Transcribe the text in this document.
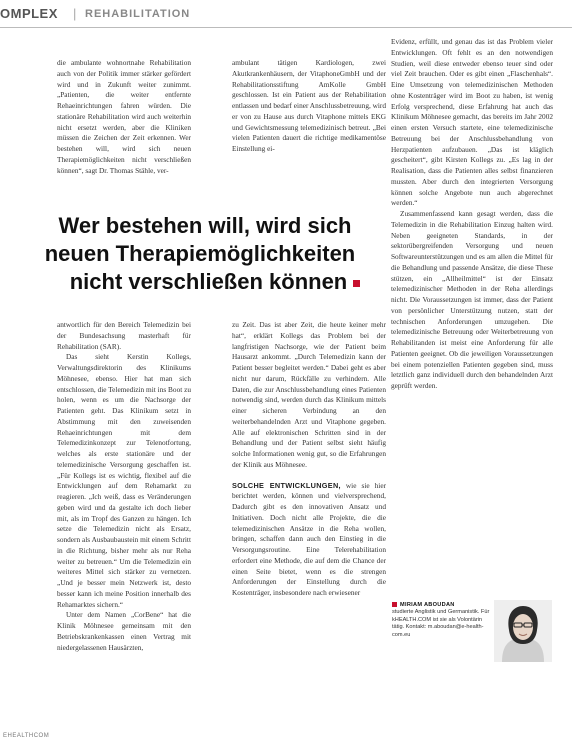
OMPLEX | REHABILITATION

die ambulante wohnortnahe Rehabilitation auch von der Politik immer stärker gefördert wird und in Zukunft weiter zunimmt. „Patienten, die weiter entfernte Rehaeinrichtungen fahren würden. Die stationäre Rehabilitation wird auch weiterhin nicht ersetzt werden, aber die Kliniken müssen die Zeichen der Zeit erkennen. Wer bestehen will, wird sich neuen Therapiemöglichkeiten nicht verschließen können“, sagt Dr. Thomas Stähle, ver-

ambulant tätigen Kardiologen, zwei Akutkrankenhäusern, der VitaphoneGmbH und der Rehabilitationsstiftung AmKolle GmbH geschlossen. Ist ein Patient aus der Rehabilitation entlassen und bedarf einer Anschlussbetreuung, wird er von zu Hause aus durch Vitaphone mittels EKG und Gewichtsmessung telemedizinisch betreut. „Bei vielen Patienten dauert die richtige medikamentöse Einstellung ei-

Wer bestehen will, wird sich
neuen Therapiemöglichkeiten
nicht verschließen können

antwortlich für den Bereich Telemedizin bei der Bundesachsung masterhaft für Rehabilitation (SAR).

Das sieht Kerstin Kollegs, Verwaltungsdirektorin des Klinikums Möhnesee, ebenso. Hier hat man sich entschlossen, die Telemedizin mit ins Boot zu holen, wenn es um die Nachsorge der Patienten geht. Das Klinikum setzt in Abstimmung mit den zuweisenden Rehaeinrichtungen mit dem Telemedizinkonzept zur Telenotfortung, welches als erste stationäre und der telemedizinische Versorgung geschaffen ist. „Für Kollegs ist es wichtig, flexibel auf die Entwicklungen auf dem Rehamarkt zu reagieren. „Ich weiß, dass es Veränderungen geben wird und da gestalte ich doch lieber mit, als im Tropf des Ganzen zu hängen. Ich setze die Telemedizin nicht als Ersatz, sondern als Ausbaubaustein mit einem Schritt in die Richtung, bisher mehr als nur Reha weiter zu betreuen.“ Um die Telemedizin ein weiteres Mittel sich stärker zu vernetzen. „Und je besser mein Netzwerk ist, desto besser kann ich meine Position innerhalb des Rehamarktes sichern.“

Unter dem Namen „CorBene“ hat die Klinik Möhnesee gemeinsam mit den Betriebskrankenkassen einen Vertrag mit niedergelassenen Hausärzten,

zu Zeit. Das ist aber Zeit, die heute keiner mehr hat“, erklärt Kollegs das Problem bei der langfristigen Nachsorge, wie der Patient beim Hausarzt ankommt. „Durch Telemedizin kann der Patient besser begleitet werden.“ Dabei geht es aber nicht nur darum, Rückfälle zu verhindern. Alle Daten, die zur Anschlussbehandlung eines Patienten notwendig sind, werden durch das Klinikum mittels einer sicheren Verbindung an den weiterbehandelnden Arzt und Vitaphone gegeben. Alle auf elektronischen Schritten sind in der Behandlung und der Patient selbst sieht häufig solche Informationen wenig gut, so die Erfahrungen der Klinik aus Möhnesee.

SOLCHE ENTWICKLUNGEN, wie sie hier berichtet werden, können und vielversprechend, Dadurch gibt es den innovativen Ansatz und Initiativen. Doch nicht alle Projekte, die die telemedizinischen Ansätze in die Reha wollen, bringen, schaffen dann auch den Einstieg in die Versorgungsroutine. Eine Telerehabilitation erfordert eine Methode, die auf dem die Chance der einen Seite bietet, wenn es die strengen Anforderungen der Einstellung durch die Kostenträger, insbesondere nach erwiesener

Evidenz, erfüllt, und genau das ist das Problem vieler Entwicklungen. Oft fehlt es an den notwendigen Studien, weil diese entweder ebenso teuer sind oder viel Zeit brauchen. Oder es gibt einen „Flaschenhals“. Eine Umsetzung von telemedizinischen Methoden ohne Kostenträger wird im Boot zu haben, ist wenig Erfolg versprechend, diese Erfahrung hat auch das Klinikum Möhnesee gemacht, das bereits im Jahr 2002 einen ersten Versuch startete, eine telemedizinische Betreuung bei der Anschlussbehandlung von Herzpatienten aufzubauen. „Das ist kläglich gescheitert“, gibt Kirsten Kollegs zu. „Es lag in der Realisation, dass die Patienten alles selbst finanzieren mussten. Aber durch den integrierten Versorgung können solche Angebote nun auch abgerechnet werden.“

Zusammenfassend kann gesagt werden, dass die Telemedizin in die Rehabilitation Einzug halten wird. Neben geeigneten Standards, in der sektorübergreifenden Versorgung und neuen Softwareunterstützungen und es am allen die Mittel für die Behandlung und passende Ansätze, die diese These stützen, ein „Allheilmittel“ ist der Einsatz telemedizinischer Methoden in der Reha allerdings nicht. Die Voraussetzungen ist immer, dass der Patient von persönlicher Unterstützung nutzen, statt der technischen Anforderungen umzugehen. Die telemedizinische Betreuung oder Weiterbetreuung von Rehabilitanden ist meist eine Anforderung für alle Patienten geeignet. Ob die jeweiligen Voraussetzungen bei einem potenziellen Patienten gegeben sind, muss letztlich ganz individuell durch den behandelnden Arzt geprüft werden.

MIRIAM ABOUDAN
studierte Anglistik und Germanistik. Für kHEALTH.COM ist sie als Volontärin tätig. Kontakt: m.aboudan@e-health-com.eu
EHEALTHCOM
